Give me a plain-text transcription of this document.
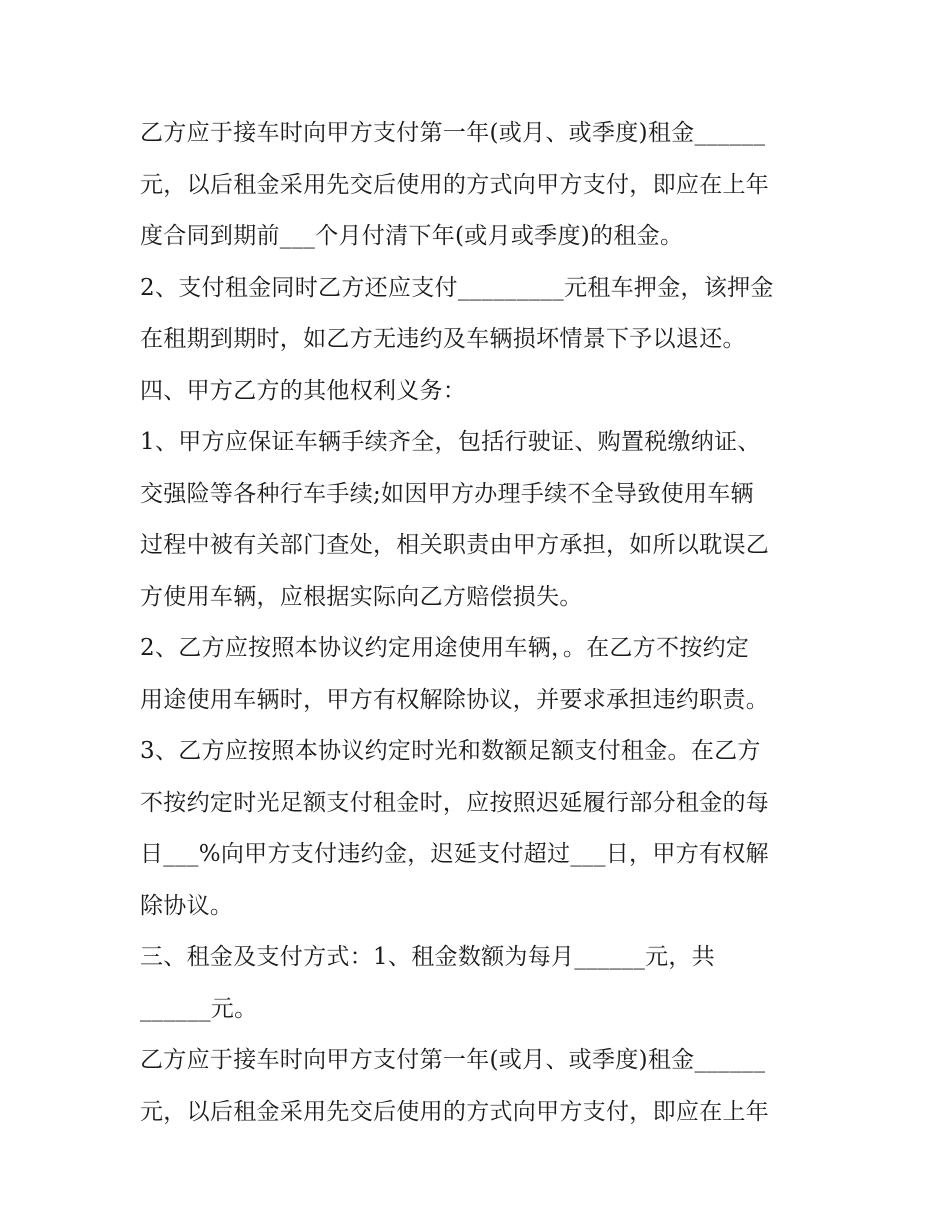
乙方应于接车时向甲方支付第一年(或月、或季度)租金______
元，以后租金采用先交后使用的方式向甲方支付，即应在上年
度合同到期前___个月付清下年(或月或季度)的租金。
2、支付租金同时乙方还应支付_________元租车押金，该押金
在租期到期时，如乙方无违约及车辆损坏情景下予以退还。
四、甲方乙方的其他权利义务：
1、甲方应保证车辆手续齐全，包括行驶证、购置税缴纳证、
交强险等各种行车手续;如因甲方办理手续不全导致使用车辆
过程中被有关部门查处，相关职责由甲方承担，如所以耽误乙
方使用车辆，应根据实际向乙方赔偿损失。
2、乙方应按照本协议约定用途使用车辆，。在乙方不按约定
用途使用车辆时，甲方有权解除协议，并要求承担违约职责。
3、乙方应按照本协议约定时光和数额足额支付租金。在乙方
不按约定时光足额支付租金时，应按照迟延履行部分租金的每
日___%向甲方支付违约金，迟延支付超过___日，甲方有权解
除协议。
三、租金及支付方式：1、租金数额为每月______元，共
______元。
乙方应于接车时向甲方支付第一年(或月、或季度)租金______
元，以后租金采用先交后使用的方式向甲方支付，即应在上年
